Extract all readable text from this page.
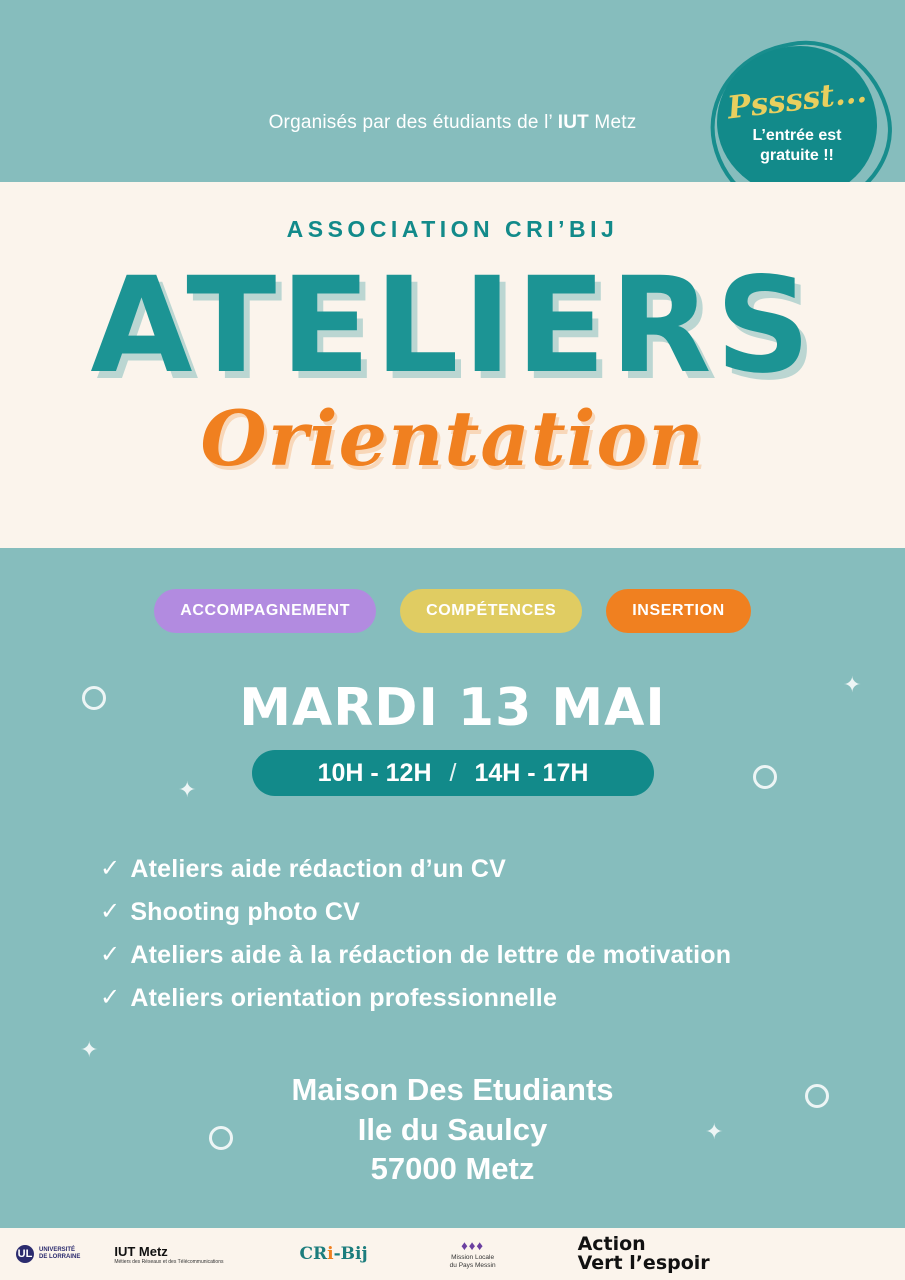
✦
✦
✦
✦
Organisés par des étudiants de l’ IUT Metz	Psssst...
L’entrée est
gratuite !!
ASSOCIATION CRI’BIJ
ATELIERS
Orientation
ACCOMPAGNEMENT	COMPÉTENCES	INSERTION
MARDI 13 MAI
10H - 12H / 14H - 17H
✓ Ateliers aide rédaction d’un CV
✓ Shooting photo CV
✓ Ateliers aide à la rédaction de lettre de motivation
✓ Ateliers orientation professionnelle
Maison Des Etudiants
Ile du Saulcy
57000 Metz
UL UNIVERSITÉ
DE LORRAINE	IUT Metz
Métiers des Réseaux et des Télécommunications	CRi-Bij	♦♦♦
Mission Locale
du Pays Messin
Action
Vert l’espoir
